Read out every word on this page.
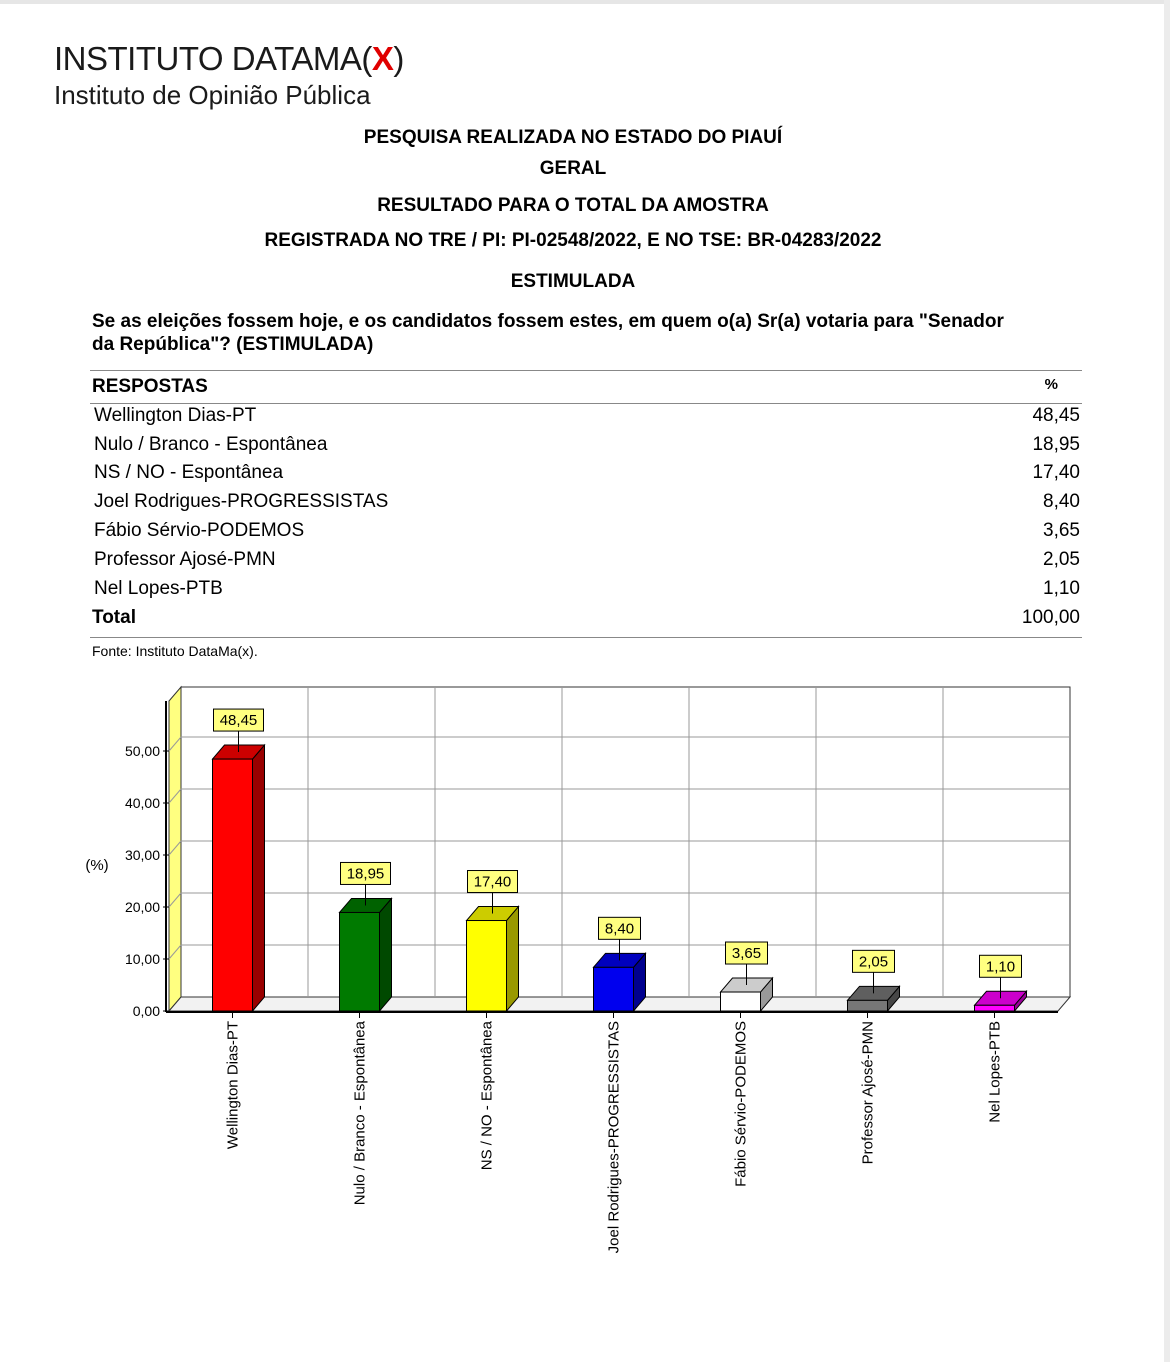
INSTITUTO DATAMA(X)
Instituto de Opinião Pública
PESQUISA REALIZADA NO ESTADO DO PIAUÍ
GERAL
RESULTADO PARA O TOTAL DA AMOSTRA
REGISTRADA NO TRE / PI: PI-02548/2022, E NO TSE: BR-04283/2022
ESTIMULADA
Se as eleições fossem hoje, e os candidatos fossem estes, em quem o(a) Sr(a) votaria para "Senador
da República"? (ESTIMULADA)
RESPOSTAS	%
Wellington Dias-PT	48,45
Nulo / Branco - Espontânea	18,95
NS / NO - Espontânea	17,40
Joel Rodrigues-PROGRESSISTAS	8,40
Fábio Sérvio-PODEMOS	3,65
Professor Ajosé-PMN	2,05
Nel Lopes-PTB	1,10
Total	100,00
Fonte: Instituto DataMa(x).
0,00
10,00
20,00
30,00
40,00
50,00
(%)
48,45
Wellington Dias-PT
18,95
Nulo / Branco - Espontânea
17,40
NS / NO - Espontânea
8,40
Joel Rodrigues-PROGRESSISTAS
3,65
Fábio Sérvio-PODEMOS
2,05
Professor Ajosé-PMN
1,10
Nel Lopes-PTB
